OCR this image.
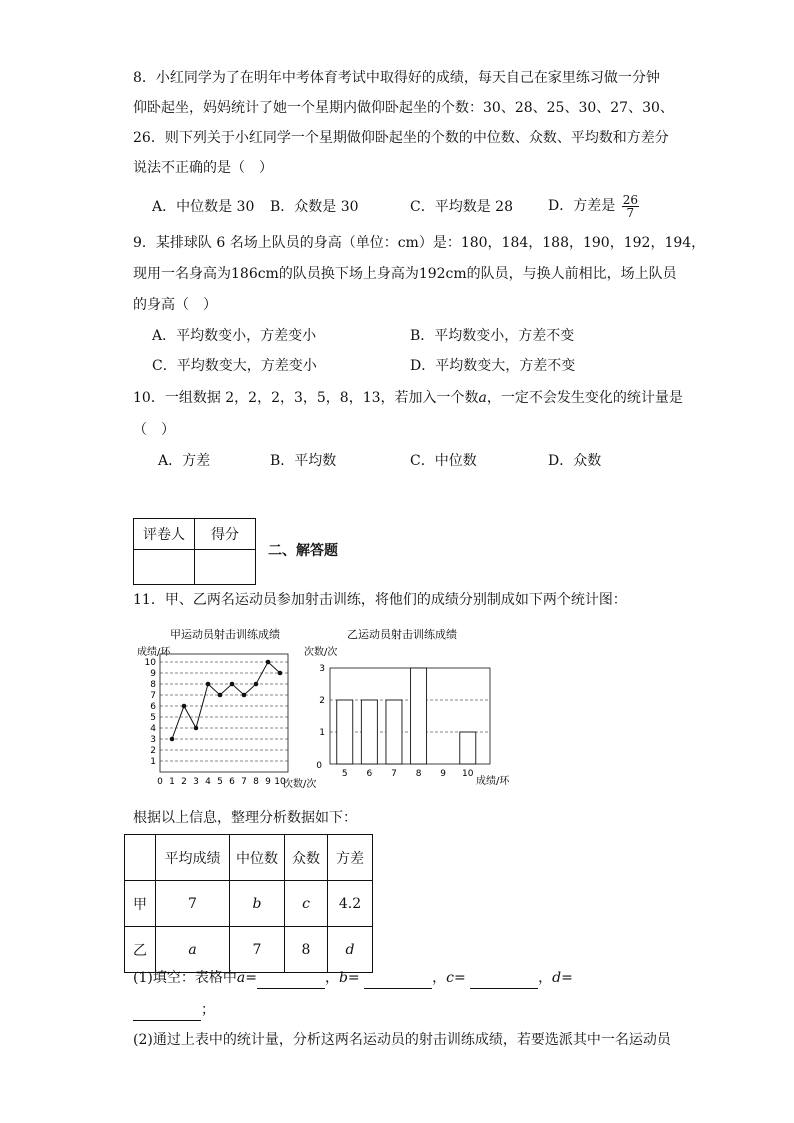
8．小红同学为了在明年中考体育考试中取得好的成绩，每天自己在家里练习做一分钟
仰卧起坐，妈妈统计了她一个星期内做仰卧起坐的个数：30、28、25、30、27、30、
26．则下列关于小红同学一个星期做仰卧起坐的个数的中位数、众数、平均数和方差分
说法不正确的是（　）
A．中位数是 30 B．众数是 30	C．平均数是 28	D．方差是 $\frac{26}{7}$
9．某排球队 6 名场上队员的身高（单位：cm）是：180，184，188，190，192，194，
现用一名身高为186cm的队员换下场上身高为192cm的队员，与换人前相比，场上队员
的身高（　）
A．平均数变小，方差变小	B．平均数变小，方差不变
C．平均数变大，方差变小	D．平均数变大，方差不变
10．一组数据 2，2，2，3，5，8，13，若加入一个数a，一定不会发生变化的统计量是
（　）
A．方差	B．平均数	C．中位数	D．众数
评卷人	得分

二、解答题
11．甲、乙两名运动员参加射击训练，将他们的成绩分别制成如下两个统计图：
甲运动员射击训练成绩
成绩/环
次数/次
1
2
3
4
5
6
7
8
9
10
0 1 2 3 4 5 6 7 8 9 10
乙运动员射击训练成绩
次数/次
成绩/环
1
2
3
0
5 6 7 8 9 10
根据以上信息，整理分析数据如下：
	平均成绩	中位数	众数	方差
甲	7	b	c	4.2
乙	a	7	8	d
(1)填空：表格中a=	，b=	，c=	，d=
；
(2)通过上表中的统计量，分析这两名运动员的射击训练成绩，若要选派其中一名运动员
